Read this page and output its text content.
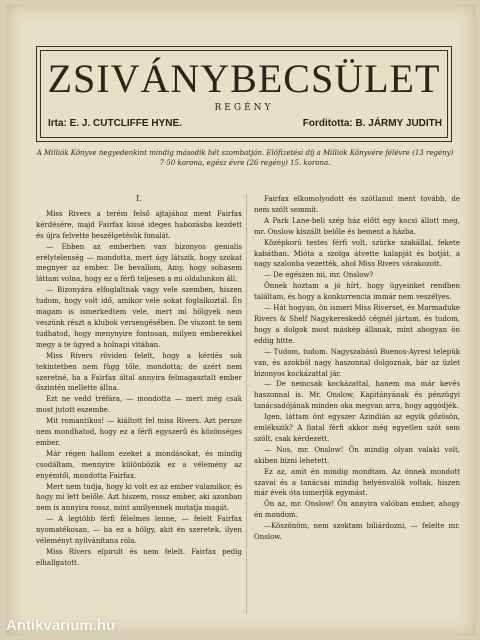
ZSIVÁNYBECSÜLET
REGÉNY
Irta: E. J. CUTCLIFFE HYNE.	Forditotta: B. JÁRMY JUDITH
A Milliók Könyve negyedenkint mindig második hét szombatján. Előfizetési díj a Milliók Könyvére félévre (13 regény) 7·50 korona, egész évre (26 regény) 15. korona.
I.

Miss Rivers a terém felső ajtajához ment Fairfax kérdésére, majd Fairfax kissé ideges habozásba kezdett és újra felvette beszélgetésük fonalát.

— Ebben az emberben van bizonyos genialis erélytelenség — mondotta, mert úgy látszik, hogy szokat megnyer az ember. De bevallom, Amy, hogy sohasem láttam volna, hogy ez a férfi teljesen a mi oldalunkon áll.

— Bizonyára elfoglaltnak vagy vele szemben, hiszen tudom, hogy volt idő, amikor vele sokat foglalkoztál. Én magam is ismerkedtem vele, mert mi hölgyek nem veszünk részt a klubok versengésében. De viszont te sem tudhatod, hogy menynyire fontosan, milyen emberekkel megy a te ügyed a holnapi vitában.

Miss Rivers röviden felelt, hogy a kérdés sok tekintetben nem függ tőle, mondotta; de azért nem szeretné, ha a Fairfax által annyira felmagasztalt ember őszintén mellette állna.

Ezt ne vedd tréfára, — mondotta — mert még csak most jutott eszembe.

Mit romantikus! — kiáltott fel miss Rivers. Azt persze nem mondhatod, hogy ez a férfi egyszerű és közönséges ember.

Már régen hallom ezeket a mondásokat, és mindig csodáltam, mennyire különbözik ez a vélemény az enyémtől, mondotta Fairfax.

Mert nem tudja, hogy ki volt ez az ember valamikor, és hogy mi lett belőle. Azt hiszem, rossz ember, aki azonban nem is annyira rossz, mint amilyennek mutatja magát.

— A legtöbb férfi félelmes lenne, — felelt Fairfax nyomatékosan, — ha ez a hölgy, akit én szeretek, ilyen véleményt nyilvánítana róla.

Miss Rivers elpirult és nem felelt. Fairfax pedig elhallgatott.

Fairfax elkomolyodott és szótlanul ment tovább, de nem szólt semmit.

A Park Lane-beli szép ház előtt egy kocsi állott meg, mr. Onslow kiszállt belőle és bement a házba.

Középkorú testes férfi volt, szürke szakállal, fekete kabátban. Mióta a szolga átvette kalapját és botját, a nagy szalonba vezették, ahol Miss Rivers várakozott.

— De egészen mi, mr. Onslow?

Önnek hoztam a jó hírt, hogy ügyeinket rendben találtam, és hogy a konkurrencia immár nem veszélyes.

— Hát hogyan, ön ismeri Miss Riverset, és Marmaduke Rivers & Shelf Nagykereskedő cégnél jártam, és tudom, hogy a dolgok most máskép állanak, mint ahogyan ön eddig hitte.

— Tudom, tudom. Nagyszabású Buenos-Ayresi telepük van, és azokból nagy haszonnal dolgoznak, bár az üzlet bizonyos kockázattal jár.

— De nemcsak kockázattal, hanem ma már kevés haszonnal is. Mr. Onslow, Kapitányának és pénzügyi tanácsadójának minden oka megvan arra, hogy aggódjék.

Igen, láttam önt egyszer Azindián az egyik gőzösön, emlékszik? A fiatal férfi akkor még egyetlen szót sem szólt, csak kérdezett.

— Nos, mr. Onslow! Ön mindig olyan valaki volt, akiben bízni lehetett.

Ez az, amit én mindig mondtam. Az önnek mondott szavai és a tanácsai mindig helyénvalók voltak, hiszen már évek óta ismerjük egymást.

Ön az, mr. Onslow! Ön annyira valóban ember, ahogy én mondom.

—Köszönöm, nem szoktam biliárdozni, — felelte mr. Onslow.

Antikvarium.hu
